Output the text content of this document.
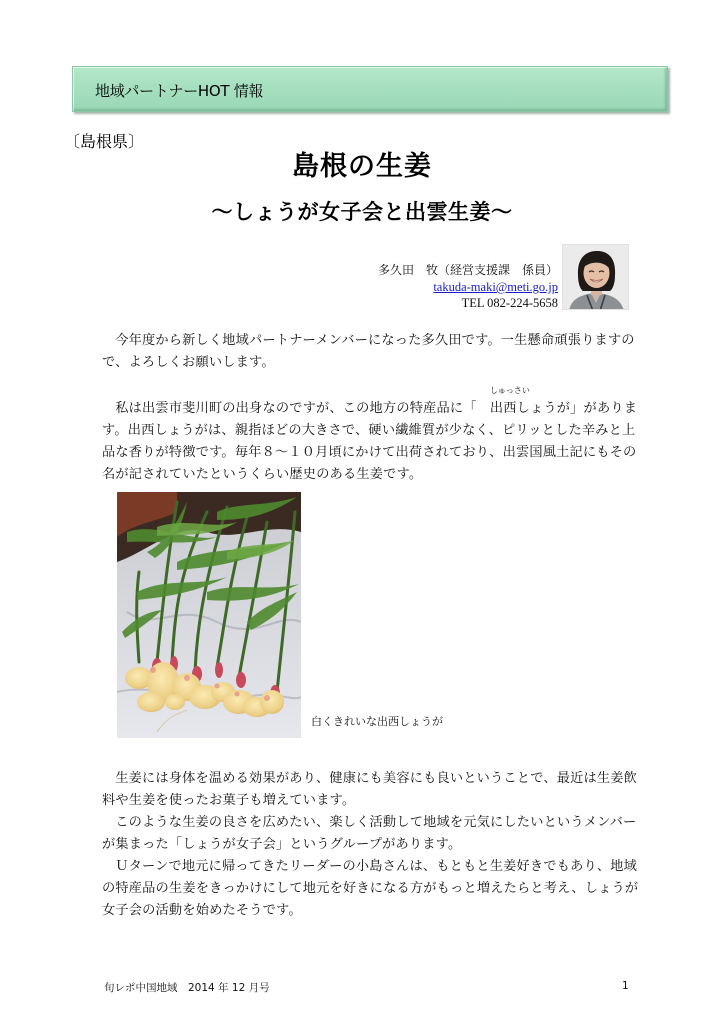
地域パートナーHOT 情報
〔島根県〕
島根の生姜
～しょうが女子会と出雲生姜～
多久田　牧（経営支援課　係員）
takuda-maki@meti.go.jp
TEL 082-224-5658

今年度から新しく地域パートナーメンバーになった多久田です。一生懸命頑張りますので、よろしくお願いします。

私は出雲市斐川町の出身なのですが、この地方の特産品に「
しゅっさい
出西しょうが」があります。出西しょうがは、親指ほどの大きさで、硬い繊維質が少なく、ピリッとした辛みと上品な香りが特徴です。毎年８～１０月頃にかけて出荷されており、出雲国風土記にもその名が記されていたというくらい歴史のある生姜です。

白くきれいな出西しょうが

生姜には身体を温める効果があり、健康にも美容にも良いということで、最近は生姜飲料や生姜を使ったお菓子も増えています。

このような生姜の良さを広めたい、楽しく活動して地域を元気にしたいというメンバーが集まった「しょうが女子会」というグループがあります。

Ｕターンで地元に帰ってきたリーダーの小島さんは、もともと生姜好きでもあり、地域の特産品の生姜をきっかけにして地元を好きになる方がもっと増えたらと考え、しょうが女子会の活動を始めたそうです。

旬レポ中国地域　2014 年 12 月号	1
